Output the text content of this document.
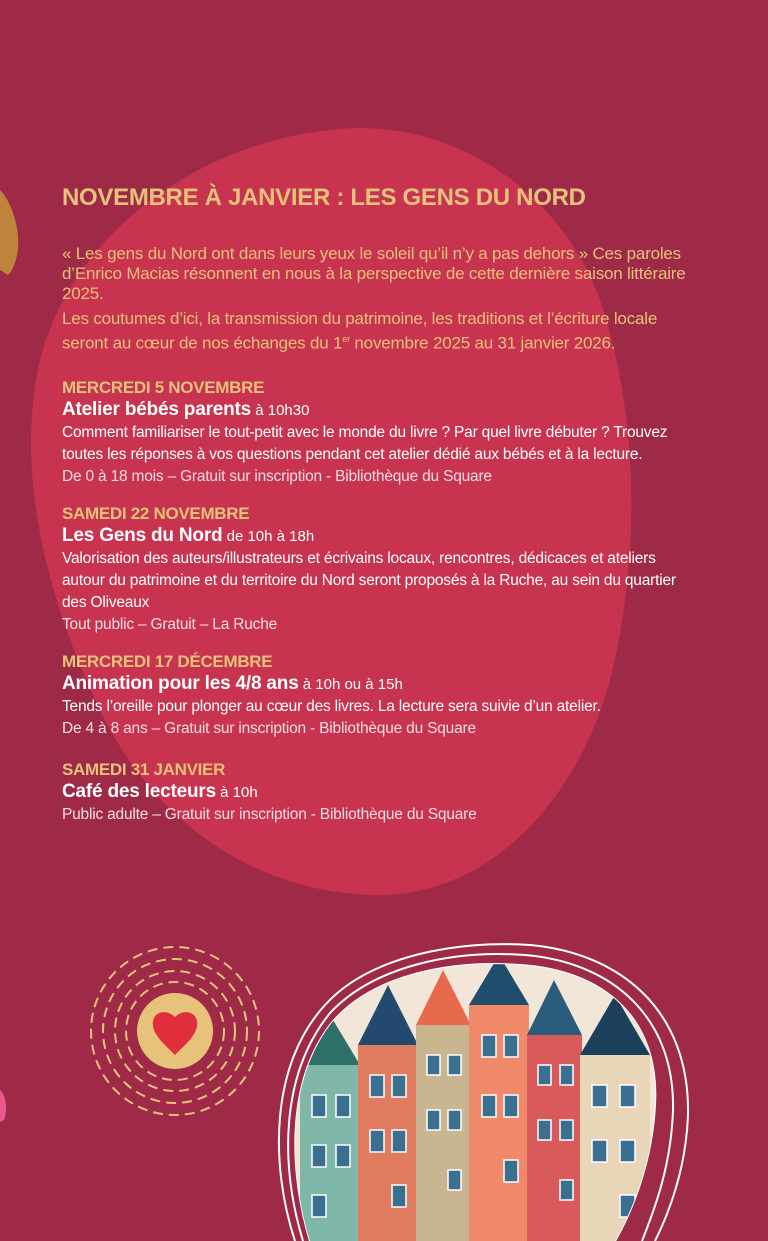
NOVEMBRE À JANVIER : LES GENS DU NORD

« Les gens du Nord ont dans leurs yeux le soleil qu’il n’y a pas dehors » Ces paroles d’Enrico Macias résonnent en nous à la perspective de cette dernière saison littéraire 2025.

Les coutumes d’ici, la transmission du patrimoine, les traditions et l’écriture locale seront au cœur de nos échanges du 1er novembre 2025 au 31 janvier 2026.

MERCREDI 5 NOVEMBRE
Atelier bébés parents à 10h30
Comment familiariser le tout-petit avec le monde du livre ? Par quel livre débuter ? Trouvez toutes les réponses à vos questions pendant cet atelier dédié aux bébés et à la lecture.
De 0 à 18 mois – Gratuit sur inscription - Bibliothèque du Square
SAMEDI 22 NOVEMBRE
Les Gens du Nord de 10h à 18h
Valorisation des auteurs/illustrateurs et écrivains locaux, rencontres, dédicaces et ateliers autour du patrimoine et du territoire du Nord seront proposés à la Ruche, au sein du quartier des Oliveaux
Tout public – Gratuit – La Ruche
MERCREDI 17 DÉCEMBRE
Animation pour les 4/8 ans à 10h ou à 15h
Tends l’oreille pour plonger au cœur des livres. La lecture sera suivie d’un atelier.
De 4 à 8 ans – Gratuit sur inscription - Bibliothèque du Square
SAMEDI 31 JANVIER
Café des lecteurs à 10h
Public adulte – Gratuit sur inscription - Bibliothèque du Square
